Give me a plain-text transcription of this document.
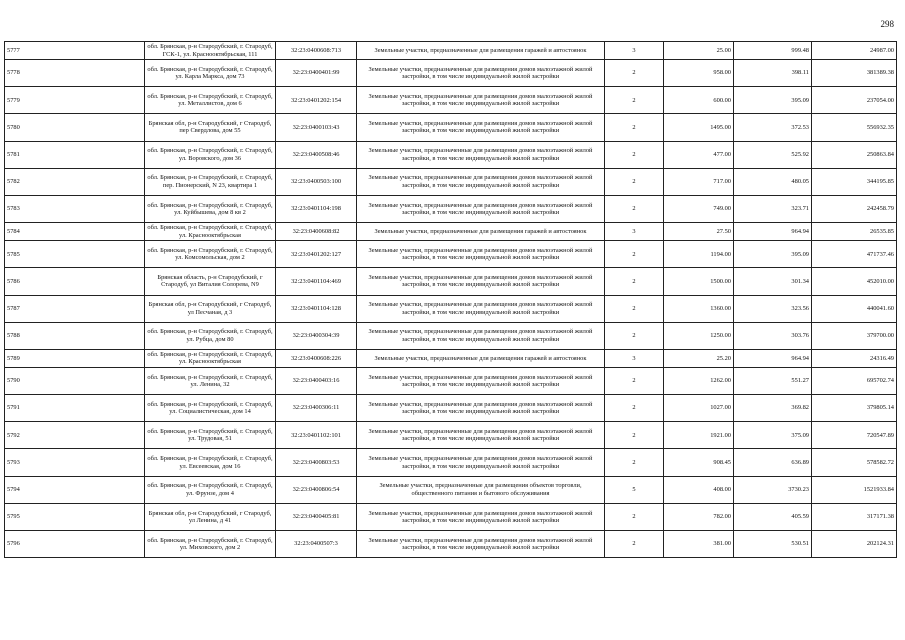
298
5777	обл. Брянская, р-н Стародубский, г. Стародуб, ГСК-1, ул. Краснооктябрьская, 111	32:23:0400608:713	Земельные участки, предназначенные для размещения гаражей и автостоянок	3	25.00	999.48	24987.00
5778	обл. Брянская, р-н Стародубский, г. Стародуб, ул. Карла Маркса, дом 73	32:23:0400401:99	Земельные участки, предназначенные для размещения домов малоэтажной жилой застройки, в том числе индивидуальной жилой застройки	2	958.00	398.11	381389.38
5779	обл. Брянская, р-н Стародубский, г. Стародуб, ул. Металлистов, дом 6	32:23:0401202:154	Земельные участки, предназначенные для размещения домов малоэтажной жилой застройки, в том числе индивидуальной жилой застройки	2	600.00	395.09	237054.00
5780	Брянская обл, р-н Стародубский, г Стародуб, пер Свердлова, дом 55	32:23:0400103:43	Земельные участки, предназначенные для размещения домов малоэтажной жилой застройки, в том числе индивидуальной жилой застройки	2	1495.00	372.53	556932.35
5781	обл. Брянская, р-н Стародубский, г. Стародуб, ул. Воровского, дом 36	32:23:0400508:46	Земельные участки, предназначенные для размещения домов малоэтажной жилой застройки, в том числе индивидуальной жилой застройки	2	477.00	525.92	250863.84
5782	обл. Брянская, р-н Стародубский, г. Стародуб, пер. Пионерский, N 23, квартира 1	32:23:0400503:100	Земельные участки, предназначенные для размещения домов малоэтажной жилой застройки, в том числе индивидуальной жилой застройки	2	717.00	480.05	344195.85
5783	обл. Брянская, р-н Стародубский, г. Стародуб, ул. Куйбышева, дом 8 кв 2	32:23:0401104:198	Земельные участки, предназначенные для размещения домов малоэтажной жилой застройки, в том числе индивидуальной жилой застройки	2	749.00	323.71	242458.79
5784	обл. Брянская, р-н Стародубский, г. Стародуб, ул. Краснооктябрьская	32:23:0400608:82	Земельные участки, предназначенные для размещения гаражей и автостоянок	3	27.50	964.94	26535.85
5785	обл. Брянская, р-н Стародубский, г. Стародуб, ул. Комсомольская, дом 2	32:23:0401202:127	Земельные участки, предназначенные для размещения домов малоэтажной жилой застройки, в том числе индивидуальной жилой застройки	2	1194.00	395.09	471737.46
5786	Брянская область, р-н Стародубский, г Стародуб, ул Виталия Солорева, N9	32:23:0401104:469	Земельные участки, предназначенные для размещения домов малоэтажной жилой застройки, в том числе индивидуальной жилой застройки	2	1500.00	301.34	452010.00
5787	Брянская обл, р-н Стародубский, г Стародуб, ул Песчаная, д 3	32:23:0401104:128	Земельные участки, предназначенные для размещения домов малоэтажной жилой застройки, в том числе индивидуальной жилой застройки	2	1360.00	323.56	440041.60
5788	обл. Брянская, р-н Стародубский, г. Стародуб, ул. Рубца, дом 80	32:23:0400304:39	Земельные участки, предназначенные для размещения домов малоэтажной жилой застройки, в том числе индивидуальной жилой застройки	2	1250.00	303.76	379700.00
5789	обл. Брянская, р-н Стародубский, г. Стародуб, ул. Краснооктябрьская	32:23:0400608:226	Земельные участки, предназначенные для размещения гаражей и автостоянок	3	25.20	964.94	24316.49
5790	обл. Брянская, р-н Стародубский, г. Стародуб, ул. Ленина, 32	32:23:0400403:16	Земельные участки, предназначенные для размещения домов малоэтажной жилой застройки, в том числе индивидуальной жилой застройки	2	1262.00	551.27	695702.74
5791	обл. Брянская, р-н Стародубский, г. Стародуб, ул. Социалистическая, дом 14	32:23:0400306:11	Земельные участки, предназначенные для размещения домов малоэтажной жилой застройки, в том числе индивидуальной жилой застройки	2	1027.00	369.82	379805.14
5792	обл. Брянская, р-н Стародубский, г. Стародуб, ул. Трудовая, 51	32:23:0401102:101	Земельные участки, предназначенные для размещения домов малоэтажной жилой застройки, в том числе индивидуальной жилой застройки	2	1921.00	375.09	720547.89
5793	обл. Брянская, р-н Стародубский, г. Стародуб, ул. Евсеевская, дом 16	32:23:0400803:53	Земельные участки, предназначенные для размещения домов малоэтажной жилой застройки, в том числе индивидуальной жилой застройки	2	908.45	636.89	578582.72
5794	обл. Брянская, р-н Стародубский, г. Стародуб, ул. Фрунзе, дом 4	32:23:0400806:54	Земельные участки, предназначенные для размещения объектов торговли, общественного питания и бытового обслуживания	5	408.00	3730.23	1521933.84
5795	Брянская обл, р-н Стародубский, г Стародуб, ул Ленина, д 41	32:23:0400405:81	Земельные участки, предназначенные для размещения домов малоэтажной жилой застройки, в том числе индивидуальной жилой застройки	2	782.00	405.59	317171.38
5796	обл. Брянская, р-н Стародубский, г. Стародуб, ул. Миховского, дом 2	32:23:0400507:3	Земельные участки, предназначенные для размещения домов малоэтажной жилой застройки, в том числе индивидуальной жилой застройки	2	381.00	530.51	202124.31
